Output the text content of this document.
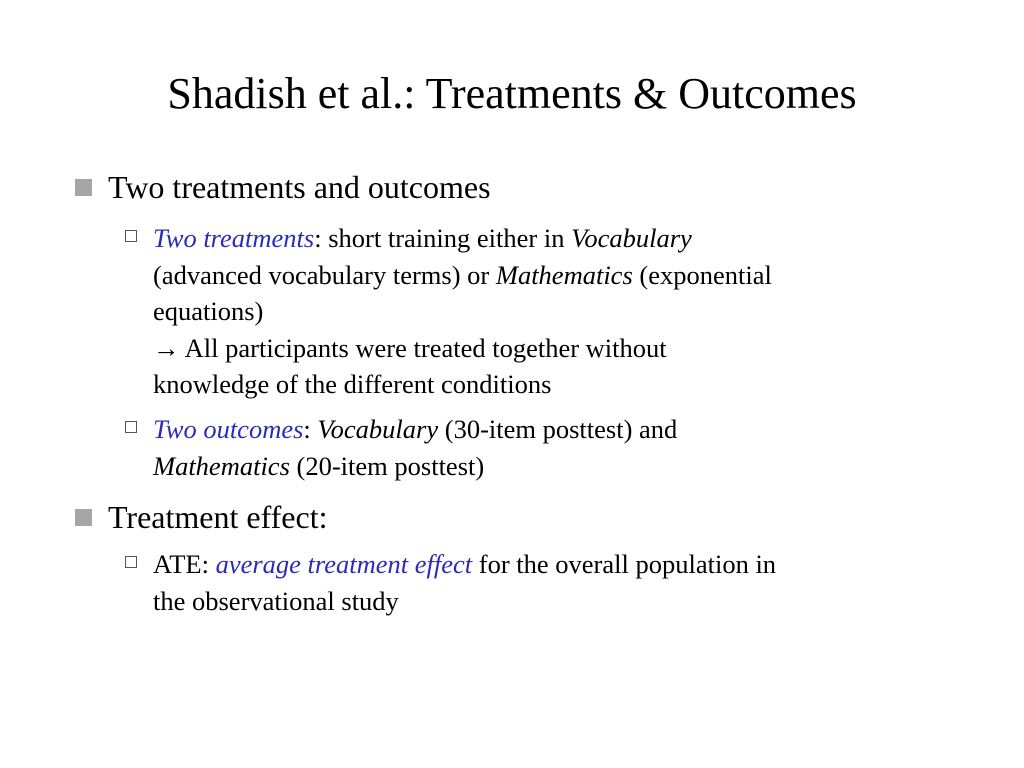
Shadish et al.: Treatments & Outcomes
Two treatments and outcomes
Two treatments: short training either in Vocabulary
(advanced vocabulary terms) or Mathematics (exponential
equations)
→ All participants were treated together without
knowledge of the different conditions
Two outcomes: Vocabulary (30-item posttest) and
Mathematics (20-item posttest)
Treatment effect:
ATE: average treatment effect for the overall population in
the observational study
